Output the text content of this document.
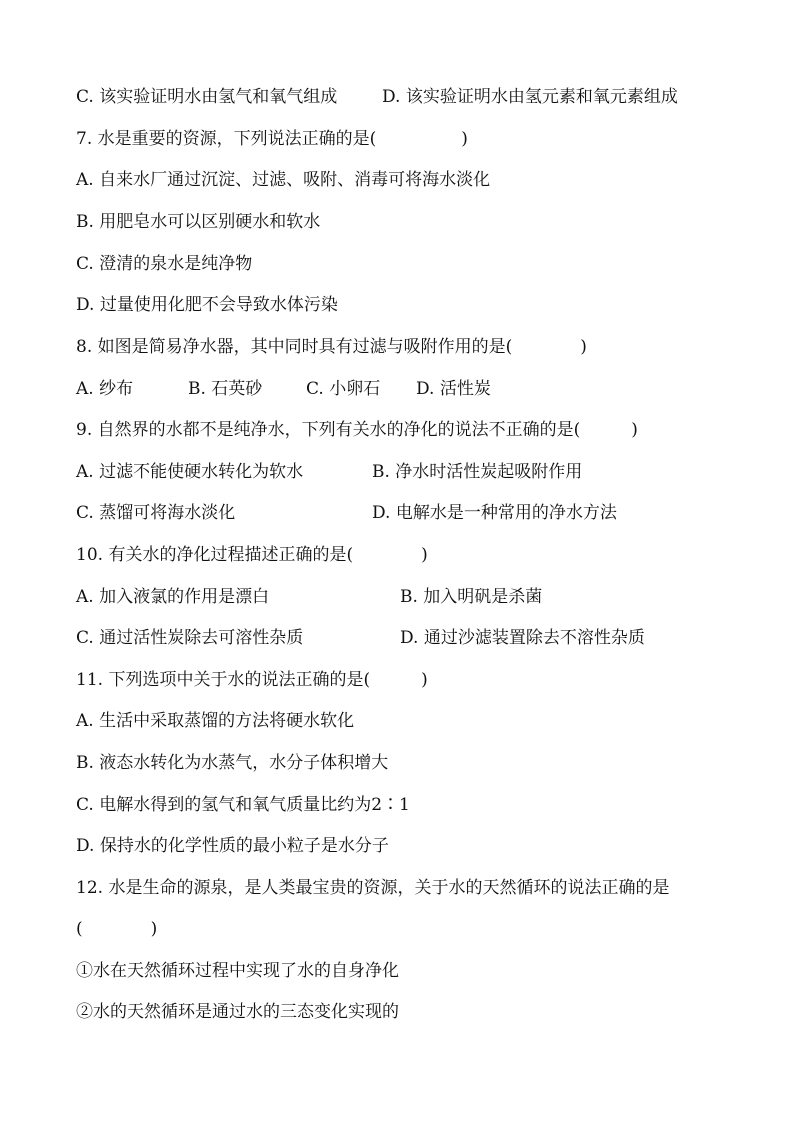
C. 该实验证明水由氢气和氧气组成	D. 该实验证明水由氢元素和氧元素组成
7. 水是重要的资源，下列说法正确的是(　　　　　)
A. 自来水厂通过沉淀、过滤、吸附、消毒可将海水淡化
B. 用肥皂水可以区别硬水和软水
C. 澄清的泉水是纯净物
D. 过量使用化肥不会导致水体污染
8. 如图是简易净水器，其中同时具有过滤与吸附作用的是(　　　　)
A. 纱布	B. 石英砂	C. 小卵石 D. 活性炭
9. 自然界的水都不是纯净水，下列有关水的净化的说法不正确的是(　　　)
A. 过滤不能使硬水转化为软水	B. 净水时活性炭起吸附作用
C. 蒸馏可将海水淡化	D. 电解水是一种常用的净水方法
10. 有关水的净化过程描述正确的是(　　　　)
A. 加入液氯的作用是漂白	B. 加入明矾是杀菌
C. 通过活性炭除去可溶性杂质	D. 通过沙滤装置除去不溶性杂质
11. 下列选项中关于水的说法正确的是(　　　)
A. 生活中采取蒸馏的方法将硬水软化
B. 液态水转化为水蒸气，水分子体积增大
C. 电解水得到的氢气和氧气质量比约为2∶1
D. 保持水的化学性质的最小粒子是水分子
12. 水是生命的源泉，是人类最宝贵的资源，关于水的天然循环的说法正确的是
(　　　　)
①水在天然循环过程中实现了水的自身净化
②水的天然循环是通过水的三态变化实现的
